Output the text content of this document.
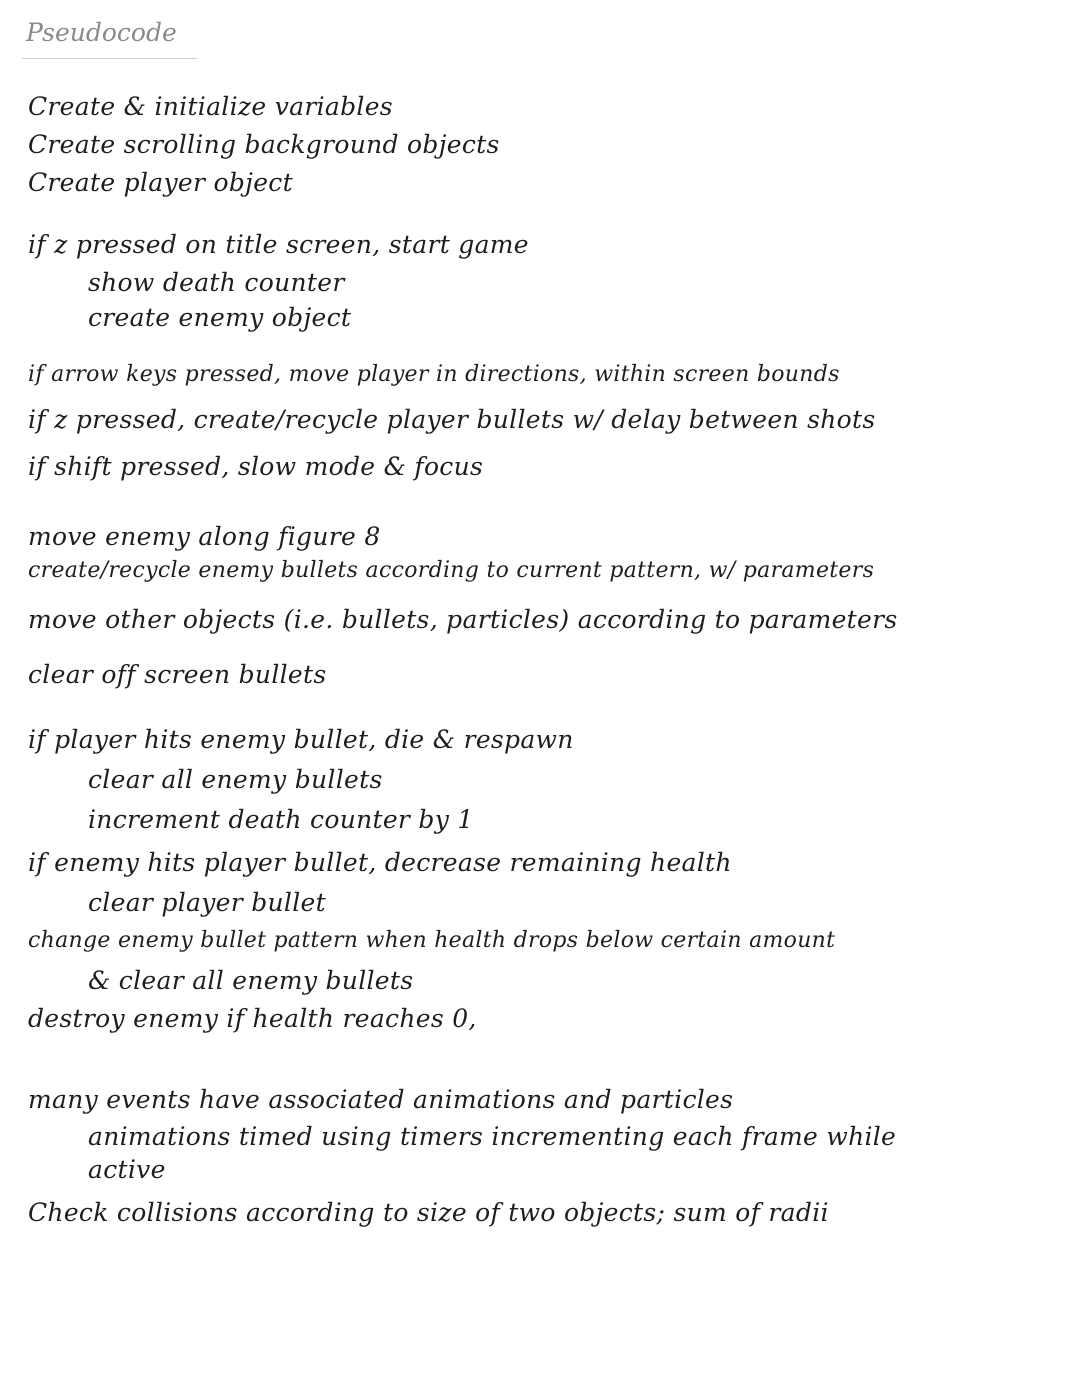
Pseudocode
Create & initialize variables
Create scrolling background objects
Create player object
if z pressed on title screen, start game
show death counter
create enemy object
if arrow keys pressed, move player in directions, within screen bounds
if z pressed, create/recycle player bullets w/ delay between shots
if shift pressed, slow mode & focus
move enemy along figure 8
create/recycle enemy bullets according to current pattern, w/ parameters
move other objects (i.e. bullets, particles) according to parameters
clear off screen bullets
if player hits enemy bullet, die & respawn
clear all enemy bullets
increment death counter by 1
if enemy hits player bullet, decrease remaining health
clear player bullet
change enemy bullet pattern when health drops below certain amount
& clear all enemy bullets
destroy enemy if health reaches 0,
many events have associated animations and particles
animations timed using timers incrementing each frame while
active
Check collisions according to size of two objects; sum of radii
